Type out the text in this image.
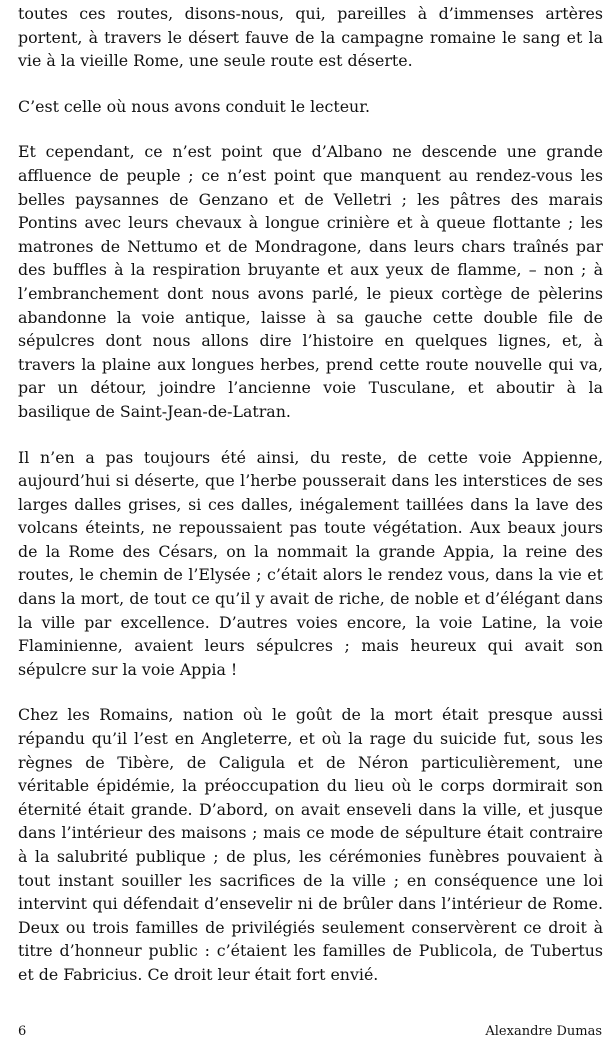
toutes ces routes, disons-nous, qui, pareilles à d’immenses artères portent, à travers le désert fauve de la campagne romaine le sang et la vie à la vieille Rome, une seule route est déserte.

C’est celle où nous avons conduit le lecteur.

Et cependant, ce n’est point que d’Albano ne descende une grande affluence de peuple ; ce n’est point que manquent au rendez-vous les belles paysannes de Genzano et de Velletri ; les pâtres des marais Pontins avec leurs chevaux à longue crinière et à queue flottante ; les matrones de Nettumo et de Mondragone, dans leurs chars traînés par des buffles à la respiration bruyante et aux yeux de flamme, – non ; à l’embranchement dont nous avons parlé, le pieux cortège de pèlerins abandonne la voie antique, laisse à sa gauche cette double file de sépulcres dont nous allons dire l’histoire en quelques lignes, et, à travers la plaine aux longues herbes, prend cette route nouvelle qui va, par un détour, joindre l’ancienne voie Tusculane, et aboutir à la basilique de Saint-Jean-de-Latran.

Il n’en a pas toujours été ainsi, du reste, de cette voie Appienne, aujourd’hui si déserte, que l’herbe pousserait dans les interstices de ses larges dalles grises, si ces dalles, inégalement taillées dans la lave des volcans éteints, ne repoussaient pas toute végétation. Aux beaux jours de la Rome des Césars, on la nommait la grande Appia, la reine des routes, le chemin de l’Elysée ; c’était alors le rendez vous, dans la vie et dans la mort, de tout ce qu’il y avait de riche, de noble et d’élégant dans la ville par excellence. D’autres voies encore, la voie Latine, la voie Flaminienne, avaient leurs sépulcres ; mais heureux qui avait son sépulcre sur la voie Appia !

Chez les Romains, nation où le goût de la mort était presque aussi répandu qu’il l’est en Angleterre, et où la rage du suicide fut, sous les règnes de Tibère, de Caligula et de Néron particulièrement, une véritable épidémie, la préoccupation du lieu où le corps dormirait son éternité était grande. D’abord, on avait enseveli dans la ville, et jusque dans l’intérieur des maisons ; mais ce mode de sépulture était contraire à la salubrité publique ; de plus, les cérémonies funèbres pouvaient à tout instant souiller les sacrifices de la ville ; en conséquence une loi intervint qui défendait d’ensevelir ni de brûler dans l’intérieur de Rome. Deux ou trois familles de privilégiés seulement conservèrent ce droit à titre d’honneur public : c’étaient les familles de Publicola, de Tubertus et de Fabricius. Ce droit leur était fort envié.

6	Alexandre Dumas
